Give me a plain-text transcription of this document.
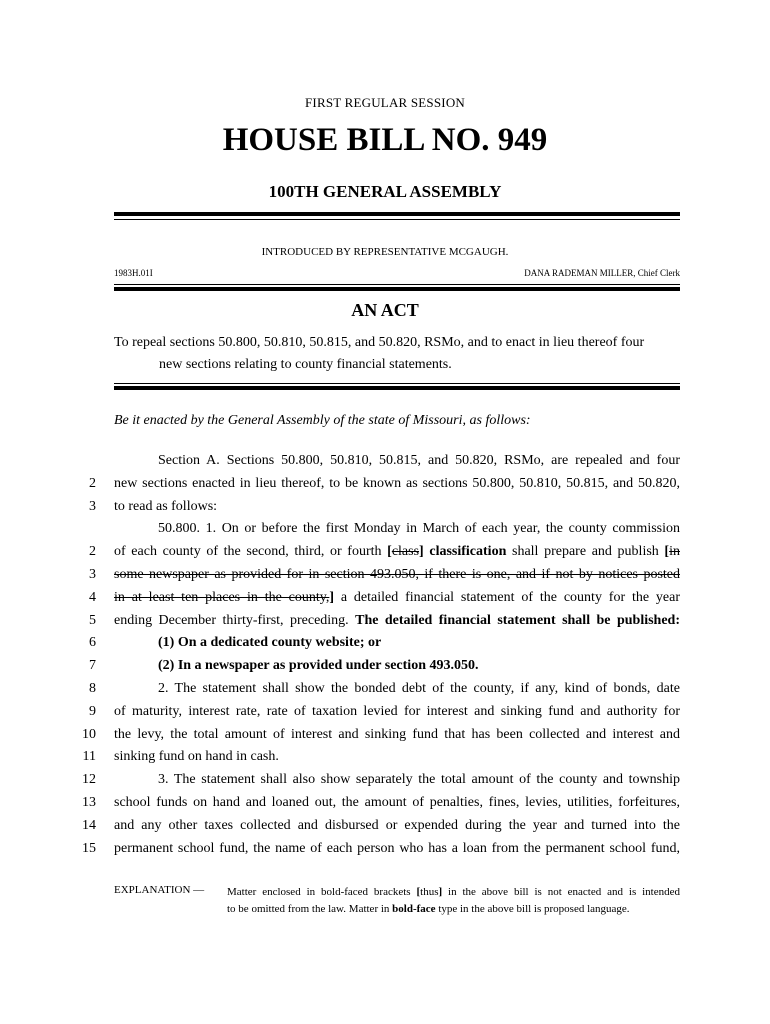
FIRST REGULAR SESSION
HOUSE BILL NO. 949
100TH GENERAL ASSEMBLY
INTRODUCED BY REPRESENTATIVE MCGAUGH.
1983H.01I	DANA RADEMAN MILLER, Chief Clerk
AN ACT
To repeal sections 50.800, 50.810, 50.815, and 50.820, RSMo, and to enact in lieu thereof four
new sections relating to county financial statements.
Be it enacted by the General Assembly of the state of Missouri, as follows:
Section A. Sections 50.800, 50.810, 50.815, and 50.820, RSMo, are repealed and four
2 new sections enacted in lieu thereof, to be known as sections 50.800, 50.810, 50.815, and 50.820,
3 to read as follows:
50.800. 1. On or before the first Monday in March of each year, the county commission
2 of each county of the second, third, or fourth [class] classification shall prepare and publish [in
3 some newspaper as provided for in section 493.050, if there is one, and if not by notices posted
4 in at least ten places in the county,] a detailed financial statement of the county for the year
5 ending December thirty-first, preceding. The detailed financial statement shall be published:
6	(1) On a dedicated county website; or
7	(2) In a newspaper as provided under section 493.050.
8	2. The statement shall show the bonded debt of the county, if any, kind of bonds, date
9 of maturity, interest rate, rate of taxation levied for interest and sinking fund and authority for
10 the levy, the total amount of interest and sinking fund that has been collected and interest and
11 sinking fund on hand in cash.
12	3. The statement shall also show separately the total amount of the county and township
13 school funds on hand and loaned out, the amount of penalties, fines, levies, utilities, forfeitures,
14 and any other taxes collected and disbursed or expended during the year and turned into the
15 permanent school fund, the name of each person who has a loan from the permanent school fund,
EXPLANATION — Matter enclosed in bold-faced brackets [thus] in the above bill is not enacted and is intended
to be omitted from the law. Matter in bold-face type in the above bill is proposed language.
